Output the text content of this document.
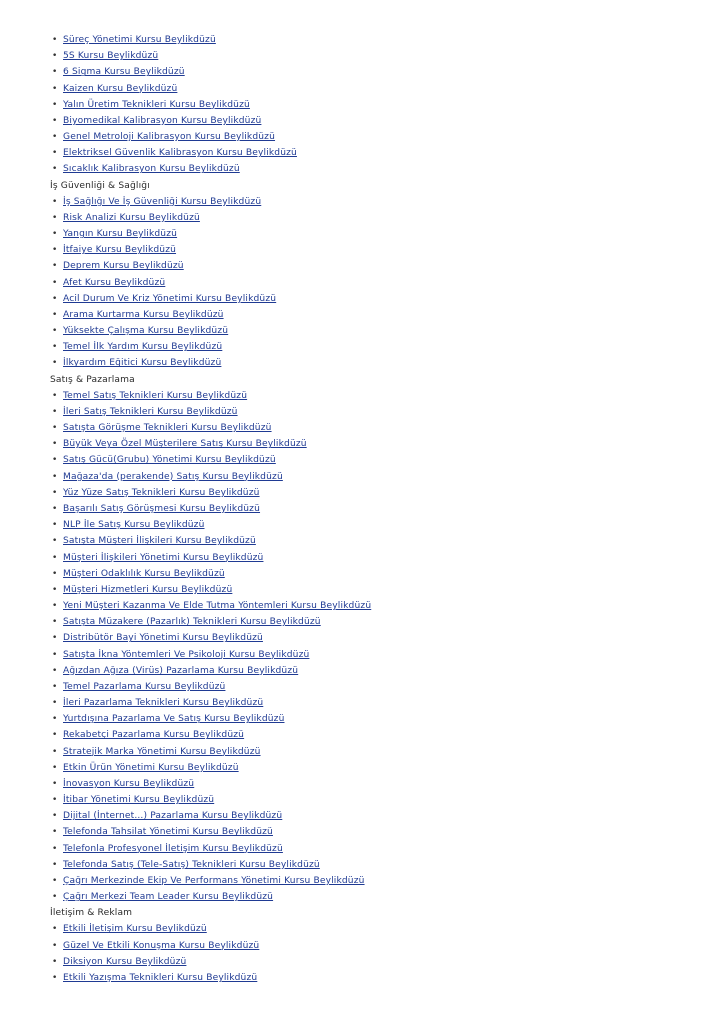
• Süreç Yönetimi Kursu Beylikdüzü
• 5S Kursu Beylikdüzü
• 6 Sigma Kursu Beylikdüzü
• Kaizen Kursu Beylikdüzü
• Yalın Üretim Teknikleri Kursu Beylikdüzü
• Biyomedikal Kalibrasyon Kursu Beylikdüzü
• Genel Metroloji Kalibrasyon Kursu Beylikdüzü
• Elektriksel Güvenlik Kalibrasyon Kursu Beylikdüzü
• Sıcaklık Kalibrasyon Kursu Beylikdüzü
İş Güvenliği & Sağlığı
• İş Sağlığı Ve İş Güvenliği Kursu Beylikdüzü
• Risk Analizi Kursu Beylikdüzü
• Yangın Kursu Beylikdüzü
• İtfaiye Kursu Beylikdüzü
• Deprem Kursu Beylikdüzü
• Afet Kursu Beylikdüzü
• Acil Durum Ve Kriz Yönetimi Kursu Beylikdüzü
• Arama Kurtarma Kursu Beylikdüzü
• Yüksekte Çalışma Kursu Beylikdüzü
• Temel İlk Yardım Kursu Beylikdüzü
• İlkyardım Eğitici Kursu Beylikdüzü
Satış & Pazarlama
• Temel Satış Teknikleri Kursu Beylikdüzü
• İleri Satış Teknikleri Kursu Beylikdüzü
• Satışta Görüşme Teknikleri Kursu Beylikdüzü
• Büyük Veya Özel Müşterilere Satış Kursu Beylikdüzü
• Satış Gücü(Grubu) Yönetimi Kursu Beylikdüzü
• Mağaza'da (perakende) Satış Kursu Beylikdüzü
• Yüz Yüze Satış Teknikleri Kursu Beylikdüzü
• Başarılı Satış Görüşmesi Kursu Beylikdüzü
• NLP İle Satış Kursu Beylikdüzü
• Satışta Müşteri İlişkileri Kursu Beylikdüzü
• Müşteri İlişkileri Yönetimi Kursu Beylikdüzü
• Müşteri Odaklılık Kursu Beylikdüzü
• Müşteri Hizmetleri Kursu Beylikdüzü
• Yeni Müşteri Kazanma Ve Elde Tutma Yöntemleri Kursu Beylikdüzü
• Satışta Müzakere (Pazarlık) Teknikleri Kursu Beylikdüzü
• Distribütör Bayi Yönetimi Kursu Beylikdüzü
• Satışta İkna Yöntemleri Ve Psikoloji Kursu Beylikdüzü
• Ağızdan Ağıza (Virüs) Pazarlama Kursu Beylikdüzü
• Temel Pazarlama Kursu Beylikdüzü
• İleri Pazarlama Teknikleri Kursu Beylikdüzü
• Yurtdışına Pazarlama Ve Satış Kursu Beylikdüzü
• Rekabetçi Pazarlama Kursu Beylikdüzü
• Stratejik Marka Yönetimi Kursu Beylikdüzü
• Etkin Ürün Yönetimi Kursu Beylikdüzü
• İnovasyon Kursu Beylikdüzü
• İtibar Yönetimi Kursu Beylikdüzü
• Dijital (İnternet...) Pazarlama Kursu Beylikdüzü
• Telefonda Tahsilat Yönetimi Kursu Beylikdüzü
• Telefonla Profesyonel İletişim Kursu Beylikdüzü
• Telefonda Satış (Tele-Satış) Teknikleri Kursu Beylikdüzü
• Çağrı Merkezinde Ekip Ve Performans Yönetimi Kursu Beylikdüzü
• Çağrı Merkezi Team Leader Kursu Beylikdüzü
İletişim & Reklam
• Etkili İletişim Kursu Beylikdüzü
• Güzel Ve Etkili Konuşma Kursu Beylikdüzü
• Diksiyon Kursu Beylikdüzü
• Etkili Yazışma Teknikleri Kursu Beylikdüzü
